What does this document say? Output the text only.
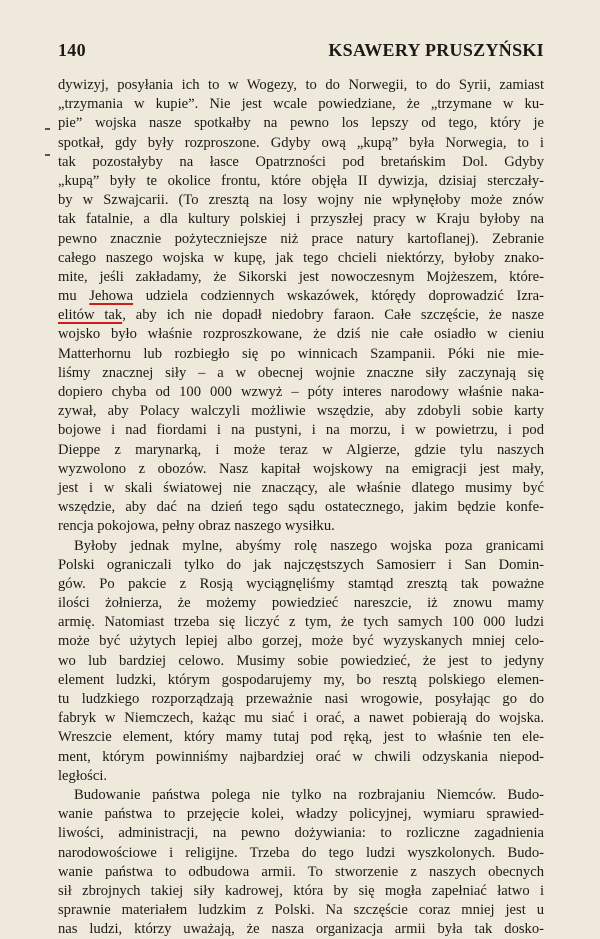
140	KSAWERY PRUSZYŃSKI
dywizyj, posyłania ich to w Wogezy, to do Norwegii, to do Syrii, zamiast
„trzymania w kupie”. Nie jest wcale powiedziane, że „trzymane w ku-
pie” wojska nasze spotkałby na pewno los lepszy od tego, który je
spotkał, gdy były rozproszone. Gdyby ową „kupą” była Norwegia, to i
tak pozostałyby na łasce Opatrzności pod bretańskim Dol. Gdyby
„kupą” były te okolice frontu, które objęła II dywizja, dzisiaj sterczały-
by w Szwajcarii. (To zresztą na losy wojny nie wpłynęłoby może znów
tak fatalnie, a dla kultury polskiej i przyszłej pracy w Kraju byłoby na
pewno znacznie pożyteczniejsze niż prace natury kartoflanej). Zebranie
całego naszego wojska w kupę, jak tego chcieli niektórzy, byłoby znako-
mite, jeśli zakładamy, że Sikorski jest nowoczesnym Mojżeszem, które-
mu Jehowa udziela codziennych wskazówek, którędy doprowadzić Izra-
elitów tak, aby ich nie dopadł niedobry faraon. Całe szczęście, że nasze
wojsko było właśnie rozproszkowane, że dziś nie całe osiadło w cieniu
Matterhornu lub rozbiegło się po winnicach Szampanii. Póki nie mie-
liśmy znacznej siły – a w obecnej wojnie znaczne siły zaczynają się
dopiero chyba od 100 000 wzwyż – póty interes narodowy właśnie naka-
zywał, aby Polacy walczyli możliwie wszędzie, aby zdobyli sobie karty
bojowe i nad fiordami i na pustyni, i na morzu, i w powietrzu, i pod
Dieppe z marynarką, i może teraz w Algierze, gdzie tylu naszych
wyzwolono z obozów. Nasz kapitał wojskowy na emigracji jest mały,
jest i w skali światowej nie znaczący, ale właśnie dlatego musimy być
wszędzie, aby dać na dzień tego sądu ostatecznego, jakim będzie konfe-
rencja pokojowa, pełny obraz naszego wysiłku.
Byłoby jednak mylne, abyśmy rolę naszego wojska poza granicami
Polski ograniczali tylko do jak najczęstszych Samosierr i San Domin-
gów. Po pakcie z Rosją wyciągnęliśmy stamtąd zresztą tak poważne
ilości żołnierza, że możemy powiedzieć nareszcie, iż znowu mamy
armię. Natomiast trzeba się liczyć z tym, że tych samych 100 000 ludzi
może być użytych lepiej albo gorzej, może być wyzyskanych mniej celo-
wo lub bardziej celowo. Musimy sobie powiedzieć, że jest to jedyny
element ludzki, którym gospodarujemy my, bo resztą polskiego elemen-
tu ludzkiego rozporządzają przeważnie nasi wrogowie, posyłając go do
fabryk w Niemczech, każąc mu siać i orać, a nawet pobierają do wojska.
Wreszcie element, który mamy tutaj pod ręką, jest to właśnie ten ele-
ment, którym powinniśmy najbardziej orać w chwili odzyskania niepod-
ległości.
Budowanie państwa polega nie tylko na rozbrajaniu Niemców. Budo-
wanie państwa to przejęcie kolei, władzy policyjnej, wymiaru sprawied-
liwości, administracji, na pewno dożywiania: to rozliczne zagadnienia
narodowościowe i religijne. Trzeba do tego ludzi wyszkolonych. Budo-
wanie państwa to odbudowa armii. To stworzenie z naszych obecnych
sił zbrojnych takiej siły kadrowej, która by się mogła zapełniać łatwo i
sprawnie materiałem ludzkim z Polski. Na szczęście coraz mniej jest u
nas ludzi, którzy uważają, że nasza organizacja armii była tak dosko-
